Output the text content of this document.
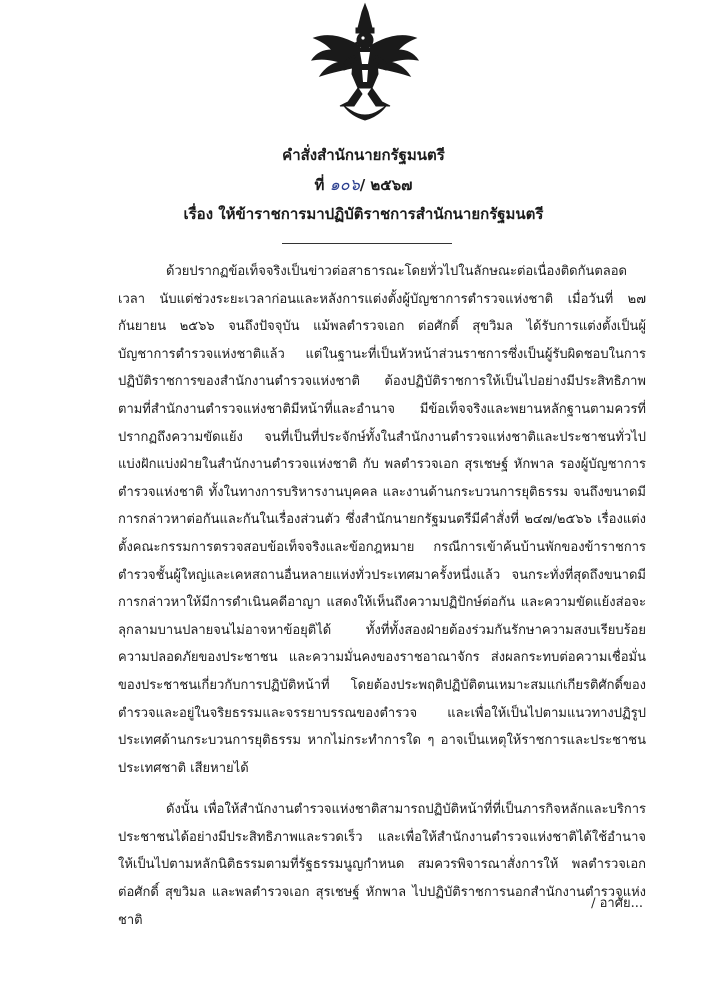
คำสั่งสำนักนายกรัฐมนตรี
ที่ ๑๐๖/ ๒๕๖๗
เรื่อง ให้ข้าราชการมาปฏิบัติราชการสำนักนายกรัฐมนตรี

ด้วยปรากฏข้อเท็จจริงเป็นข่าวต่อสาธารณะโดยทั่วไปในลักษณะต่อเนื่องติดกันตลอดเวลา นับแต่ช่วงระยะเวลาก่อนและหลังการแต่งตั้งผู้บัญชาการตำรวจแห่งชาติ เมื่อวันที่ ๒๗ กันยายน ๒๕๖๖ จนถึงปัจจุบัน แม้พลตำรวจเอก ต่อศักดิ์ สุขวิมล ได้รับการแต่งตั้งเป็นผู้บัญชาการตำรวจแห่งชาติแล้ว แต่ในฐานะที่เป็นหัวหน้าส่วนราชการซึ่งเป็นผู้รับผิดชอบในการปฏิบัติราชการของสำนักงานตำรวจแห่งชาติ ต้องปฏิบัติราชการให้เป็นไปอย่างมีประสิทธิภาพตามที่สำนักงานตำรวจแห่งชาติมีหน้าที่และอำนาจ มีข้อเท็จจริงและพยานหลักฐานตามควรที่ปรากฏถึงความขัดแย้ง จนที่เป็นที่ประจักษ์ทั้งในสำนักงานตำรวจแห่งชาติและประชาชนทั่วไป แบ่งฝักแบ่งฝ่ายในสำนักงานตำรวจแห่งชาติ กับ พลตำรวจเอก สุรเชษฐ์ หักพาล รองผู้บัญชาการตำรวจแห่งชาติ ทั้งในทางการบริหารงานบุคคล และงานด้านกระบวนการยุติธรรม จนถึงขนาดมีการกล่าวหาต่อกันและกันในเรื่องส่วนตัว ซึ่งสำนักนายกรัฐมนตรีมีคำสั่งที่ ๒๔๗/๒๕๖๖ เรื่องแต่งตั้งคณะกรรมการตรวจสอบข้อเท็จจริงและข้อกฎหมาย กรณีการเข้าค้นบ้านพักของข้าราชการตำรวจชั้นผู้ใหญ่และเคหสถานอื่นหลายแห่งทั่วประเทศมาครั้งหนึ่งแล้ว จนกระทั่งที่สุดถึงขนาดมีการกล่าวหาให้มีการดำเนินคดีอาญา แสดงให้เห็นถึงความปฏิปักษ์ต่อกัน และความขัดแย้งส่อจะลุกลามบานปลายจนไม่อาจหาข้อยุติได้ ทั้งที่ทั้งสองฝ่ายต้องร่วมกันรักษาความสงบเรียบร้อย ความปลอดภัยของประชาชน และความมั่นคงของราชอาณาจักร ส่งผลกระทบต่อความเชื่อมั่นของประชาชนเกี่ยวกับการปฏิบัติหน้าที่ โดยต้องประพฤติปฏิบัติตนเหมาะสมแก่เกียรติศักดิ์ของตำรวจและอยู่ในจริยธรรมและจรรยาบรรณของตำรวจ และเพื่อให้เป็นไปตามแนวทางปฏิรูปประเทศด้านกระบวนการยุติธรรม หากไม่กระทำการใด ๆ อาจเป็นเหตุให้ราชการและประชาชน ประเทศชาติ เสียหายได้

ดังนั้น เพื่อให้สำนักงานตำรวจแห่งชาติสามารถปฏิบัติหน้าที่ที่เป็นภารกิจหลักและบริการประชาชนได้อย่างมีประสิทธิภาพและรวดเร็ว และเพื่อให้สำนักงานตำรวจแห่งชาติได้ใช้อำนาจให้เป็นไปตามหลักนิติธรรมตามที่รัฐธรรมนูญกำหนด สมควรพิจารณาสั่งการให้ พลตำรวจเอก ต่อศักดิ์ สุขวิมล และพลตำรวจเอก สุรเชษฐ์ หักพาล ไปปฏิบัติราชการนอกสำนักงานตำรวจแห่งชาติ

/ อาศัย...
